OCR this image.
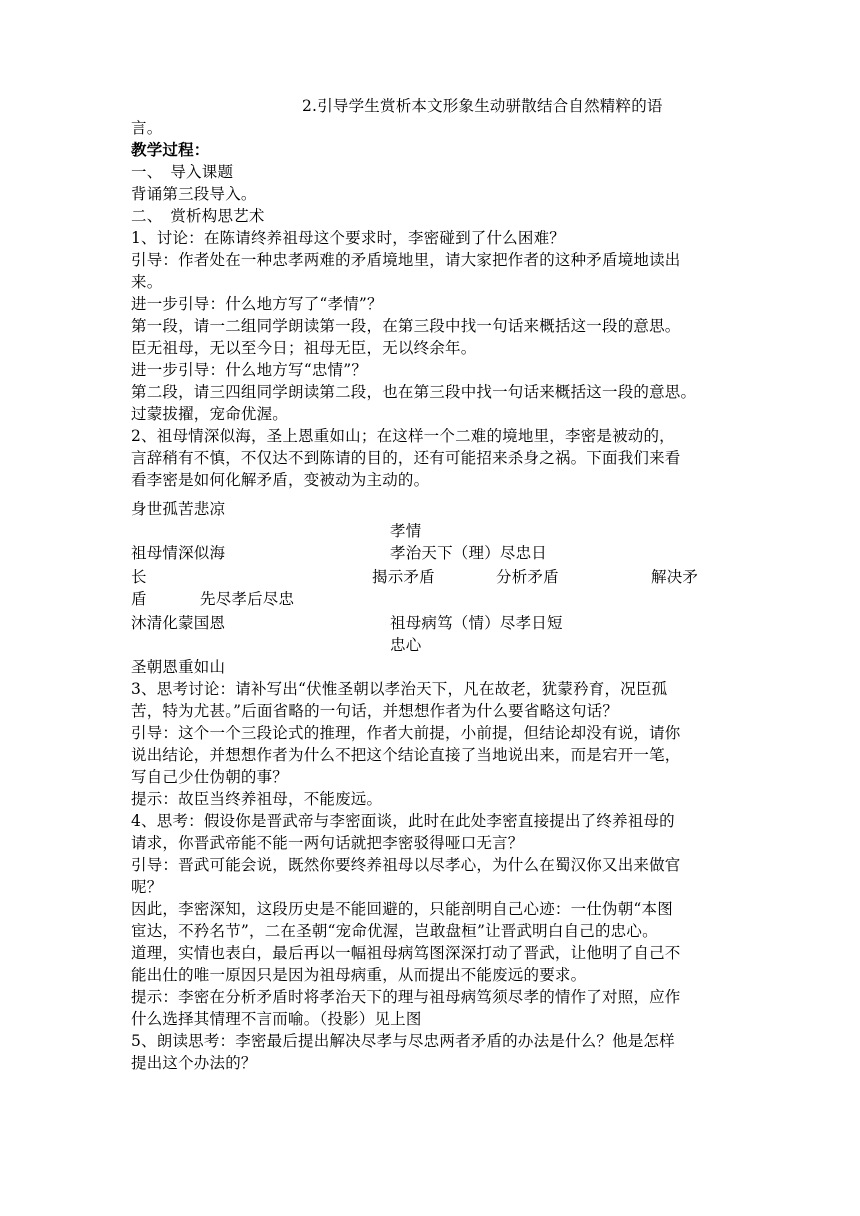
2.引导学生赏析本文形象生动骈散结合自然精粹的语
言。
教学过程：
一、　导入课题
背诵第三段导入。
二、　赏析构思艺术
1、讨论：在陈请终养祖母这个要求时，李密碰到了什么困难？
引导：作者处在一种忠孝两难的矛盾境地里，请大家把作者的这种矛盾境地读出
来。
进一步引导：什么地方写了“孝情”？
第一段，请一二组同学朗读第一段，在第三段中找一句话来概括这一段的意思。
臣无祖母，无以至今日；祖母无臣，无以终余年。
进一步引导：什么地方写“忠情”？
第二段，请三四组同学朗读第二段，也在第三段中找一句话来概括这一段的意思。
过蒙拔擢，宠命优渥。
2、祖母情深似海，圣上恩重如山；在这样一个二难的境地里，李密是被动的，
言辞稍有不慎，不仅达不到陈请的目的，还有可能招来杀身之祸。下面我们来看
看李密是如何化解矛盾，变被动为主动的。
身世孤苦悲凉
孝情
祖母情深似海	孝治天下（理）尽忠日
长	揭示矛盾	分析矛盾	解决矛
盾	先尽孝后尽忠
沐清化蒙国恩	祖母病笃（情）尽孝日短
忠心
圣朝恩重如山
3、思考讨论：请补写出“伏惟圣朝以孝治天下，凡在故老，犹蒙矜育，况臣孤
苦，特为尤甚。”后面省略的一句话，并想想作者为什么要省略这句话？
引导：这个一个三段论式的推理，作者大前提，小前提，但结论却没有说，请你
说出结论，并想想作者为什么不把这个结论直接了当地说出来，而是宕开一笔，
写自己少仕伪朝的事？
提示：故臣当终养祖母，不能废远。
4、思考：假设你是晋武帝与李密面谈，此时在此处李密直接提出了终养祖母的
请求，你晋武帝能不能一两句话就把李密驳得哑口无言？
引导：晋武可能会说，既然你要终养祖母以尽孝心，为什么在蜀汉你又出来做官
呢？
因此，李密深知，这段历史是不能回避的，只能剖明自己心迹：一仕伪朝“本图
宦达，不矜名节”，二在圣朝“宠命优渥，岂敢盘桓”让晋武明白自己的忠心。
道理，实情也表白，最后再以一幅祖母病笃图深深打动了晋武，让他明了自己不
能出仕的唯一原因只是因为祖母病重，从而提出不能废远的要求。
提示：李密在分析矛盾时将孝治天下的理与祖母病笃须尽孝的情作了对照，应作
什么选择其情理不言而喻。（投影）见上图
5、朗读思考：李密最后提出解决尽孝与尽忠两者矛盾的办法是什么？他是怎样
提出这个办法的？
